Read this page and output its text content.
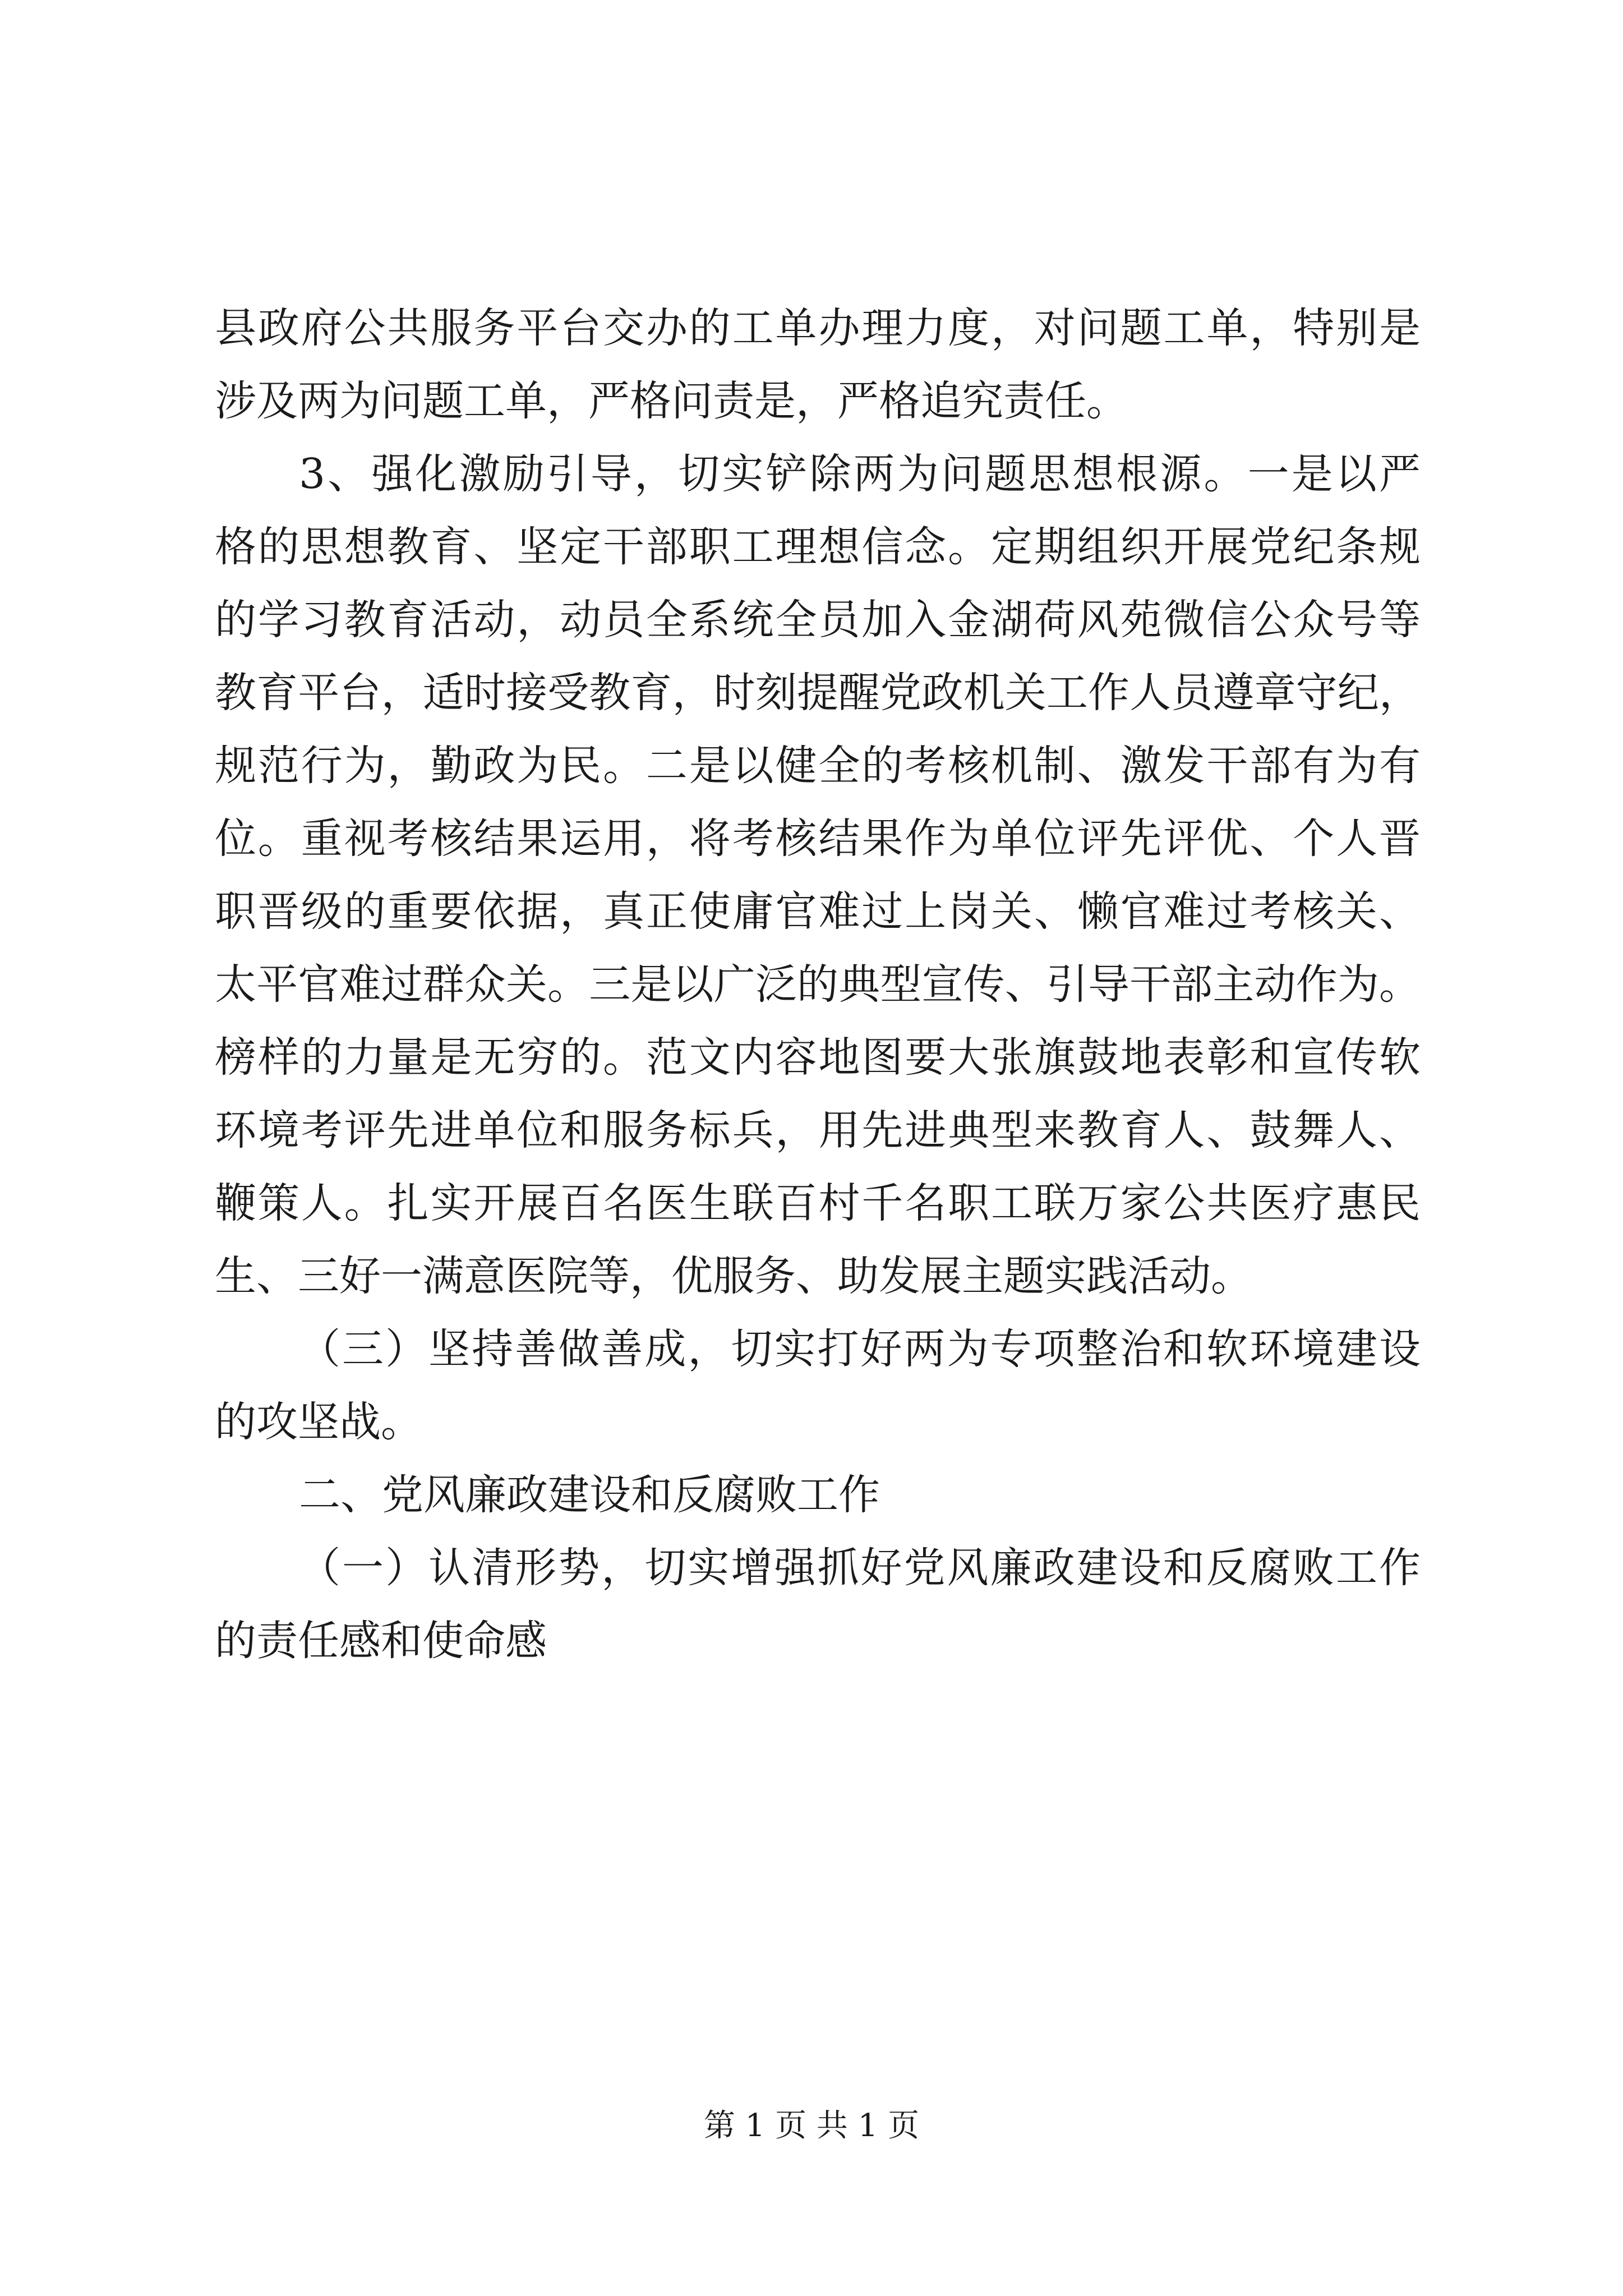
县政府公共服务平台交办的工单办理力度，对问题工单，特别是
涉及两为问题工单，严格问责是，严格追究责任。
3、强化激励引导，切实铲除两为问题思想根源。一是以严
格的思想教育、坚定干部职工理想信念。定期组织开展党纪条规
的学习教育活动，动员全系统全员加入金湖荷风苑微信公众号等
教育平台，适时接受教育，时刻提醒党政机关工作人员遵章守纪，
规范行为，勤政为民。二是以健全的考核机制、激发干部有为有
位。重视考核结果运用，将考核结果作为单位评先评优、个人晋
职晋级的重要依据，真正使庸官难过上岗关、懒官难过考核关、
太平官难过群众关。三是以广泛的典型宣传、引导干部主动作为。
榜样的力量是无穷的。范文内容地图要大张旗鼓地表彰和宣传软
环境考评先进单位和服务标兵，用先进典型来教育人、鼓舞人、
鞭策人。扎实开展百名医生联百村千名职工联万家公共医疗惠民
生、三好一满意医院等，优服务、助发展主题实践活动。
（三）坚持善做善成，切实打好两为专项整治和软环境建设
的攻坚战。
二、党风廉政建设和反腐败工作
（一）认清形势，切实增强抓好党风廉政建设和反腐败工作
的责任感和使命感
第 1 页 共 1 页
